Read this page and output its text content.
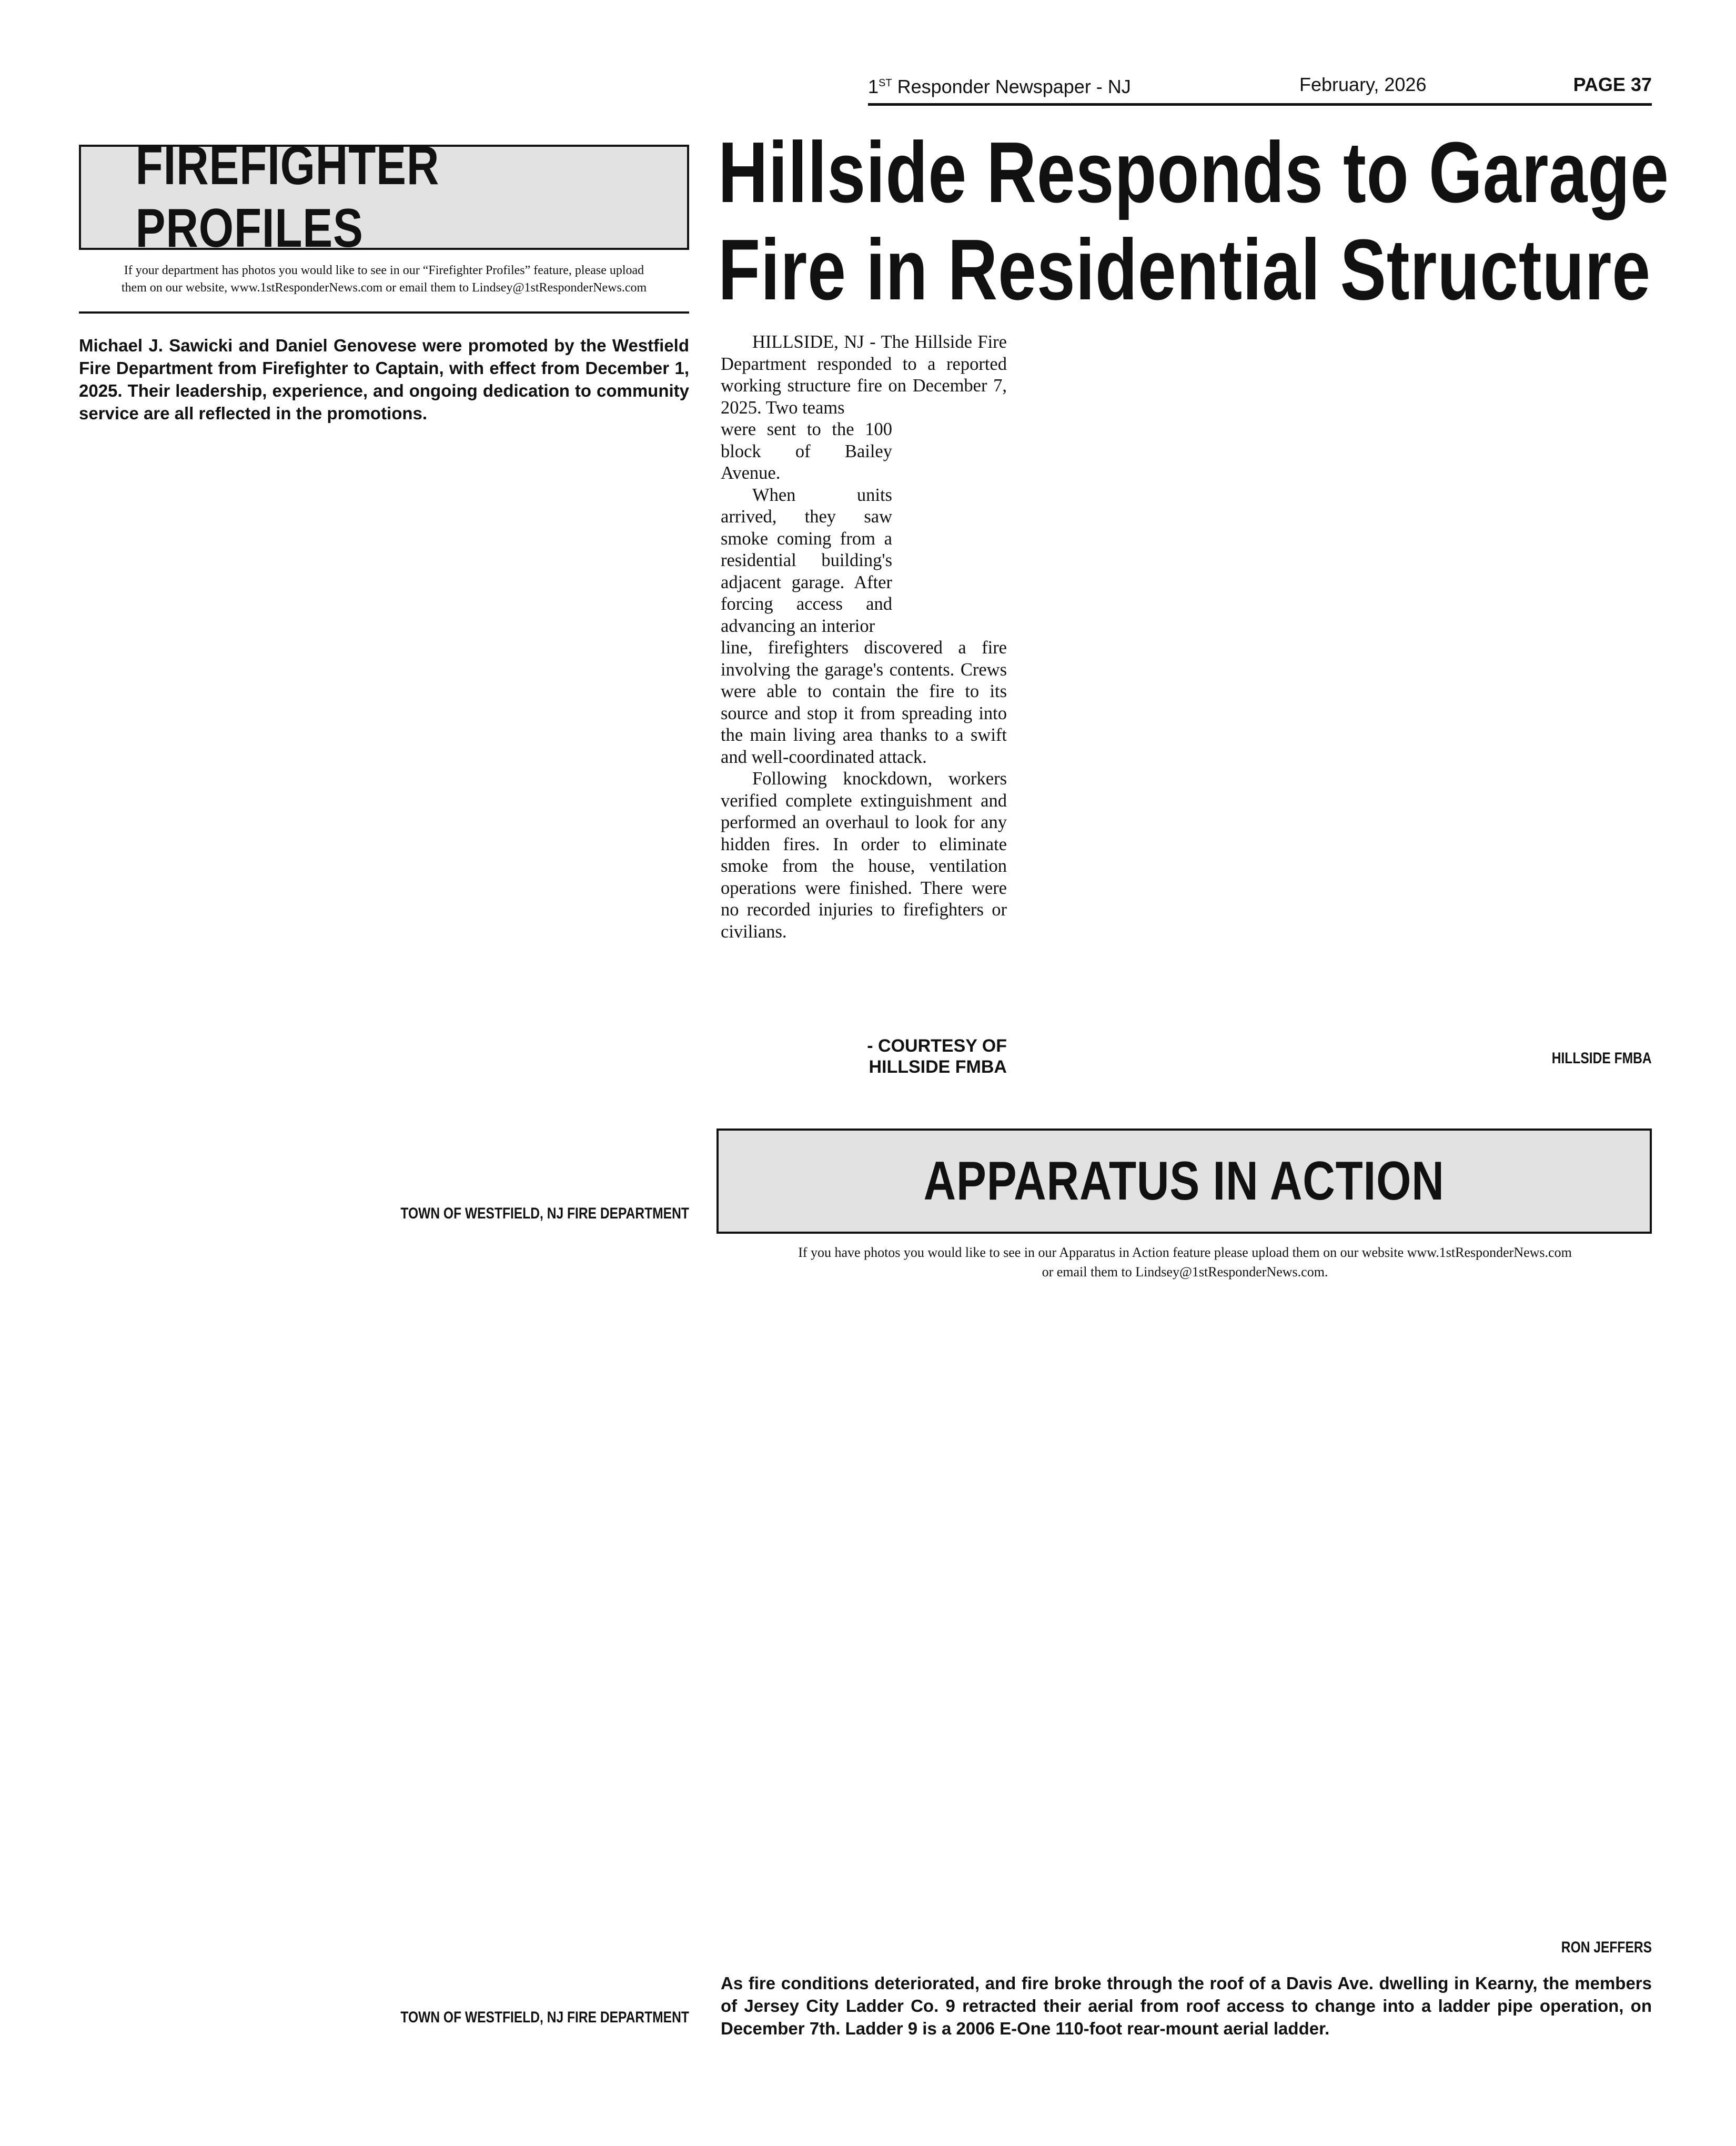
1ST Responder Newspaper - NJ	February, 2026	PAGE 37
FIREFIGHTER PROFILES
If your department has photos you would like to see in our “Firefighter Profiles” feature, please upload
them on our website, www.1stResponderNews.com or email them to Lindsey@1stResponderNews.com
Michael J. Sawicki and Daniel Genovese were promoted by the Westfield Fire Department from Firefighter to Captain, with effect from December 1, 2025. Their leadership, experience, and ongoing dedication to community service are all reflected in the promotions.
TOWN OF WESTFIELD, NJ FIRE DEPARTMENT
TOWN OF WESTFIELD, NJ FIRE DEPARTMENT
Hillside Responds to Garage
Fire in Residential Structure

HILLSIDE, NJ - The Hillside Fire Department responded to a reported working structure fire on December 7, 2025. Two teams

were sent to the 100 block of Bailey Avenue.

When units arrived, they saw smoke coming from a residential building's adjacent garage. After forcing access and advancing an interior

line, firefighters discovered a fire involving the garage's contents. Crews were able to contain the fire to its source and stop it from spreading into the main living area thanks to a swift and well-coordinated attack.

Following knockdown, workers verified complete extinguishment and performed an overhaul to look for any hidden fires. In order to eliminate smoke from the house, ventilation operations were finished. There were no recorded injuries to firefighters or civilians.

- COURTESY OF
HILLSIDE FMBA	HILLSIDE FMBA
APPARATUS IN ACTION
If you have photos you would like to see in our Apparatus in Action feature please upload them on our website www.1stResponderNews.com
or email them to Lindsey@1stResponderNews.com.
RON JEFFERS
As fire conditions deteriorated, and fire broke through the roof of a Davis Ave. dwelling in Kearny, the members of Jersey City Ladder Co. 9 retracted their aerial from roof access to change into a ladder pipe operation, on December 7th. Ladder 9 is a 2006 E-One 110-foot rear-mount aerial ladder.
